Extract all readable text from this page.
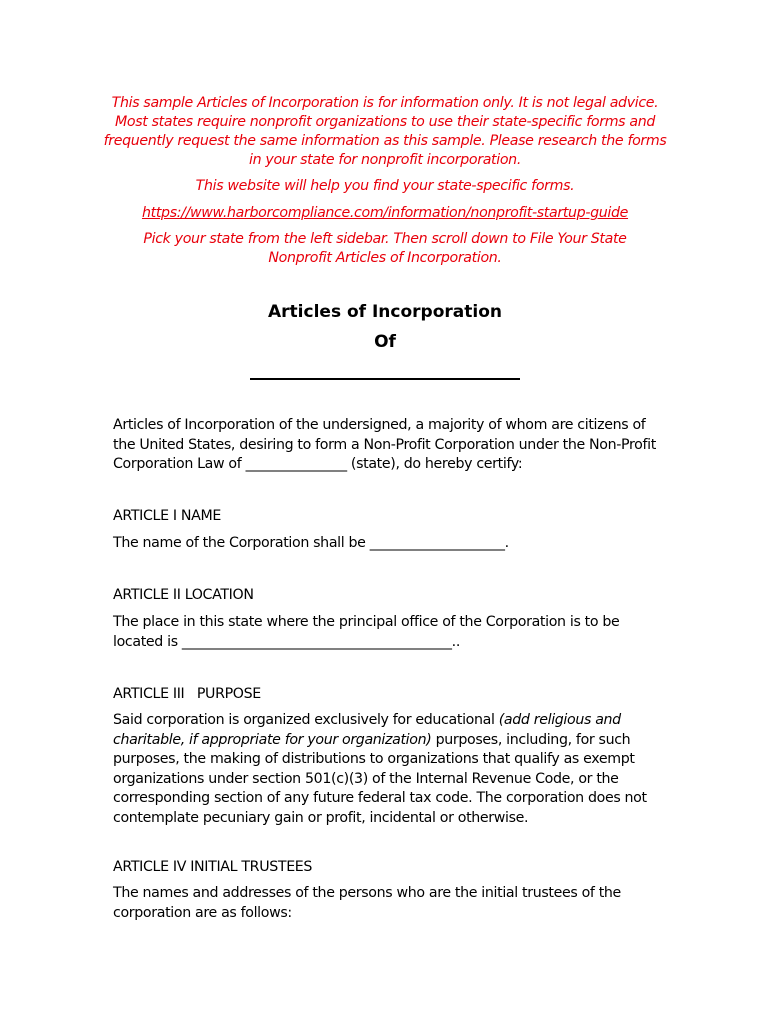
This sample Articles of Incorporation is for information only. It is not legal advice. Most states require nonprofit organizations to use their state-specific forms and frequently request the same information as this sample. Please research the forms in your state for nonprofit incorporation.
This website will help you find your state-specific forms.
https://www.harborcompliance.com/information/nonprofit-startup-guide
Pick your state from the left sidebar. Then scroll down to File Your State Nonprofit Articles of Incorporation.
Articles of Incorporation
Of
Articles of Incorporation of the undersigned, a majority of whom are citizens of the United States, desiring to form a Non-Profit Corporation under the Non-Profit Corporation Law of _______________ (state), do hereby certify:
ARTICLE I NAME
The name of the Corporation shall be ____________________.
ARTICLE II LOCATION
The place in this state where the principal office of the Corporation is to be located is ________________________________________..
ARTICLE III   PURPOSE
Said corporation is organized exclusively for educational (add religious and charitable, if appropriate for your organization) purposes, including, for such purposes, the making of distributions to organizations that qualify as exempt organizations under section 501(c)(3) of the Internal Revenue Code, or the corresponding section of any future federal tax code. The corporation does not contemplate pecuniary gain or profit, incidental or otherwise.
ARTICLE IV INITIAL TRUSTEES
The names and addresses of the persons who are the initial trustees of the corporation are as follows:
